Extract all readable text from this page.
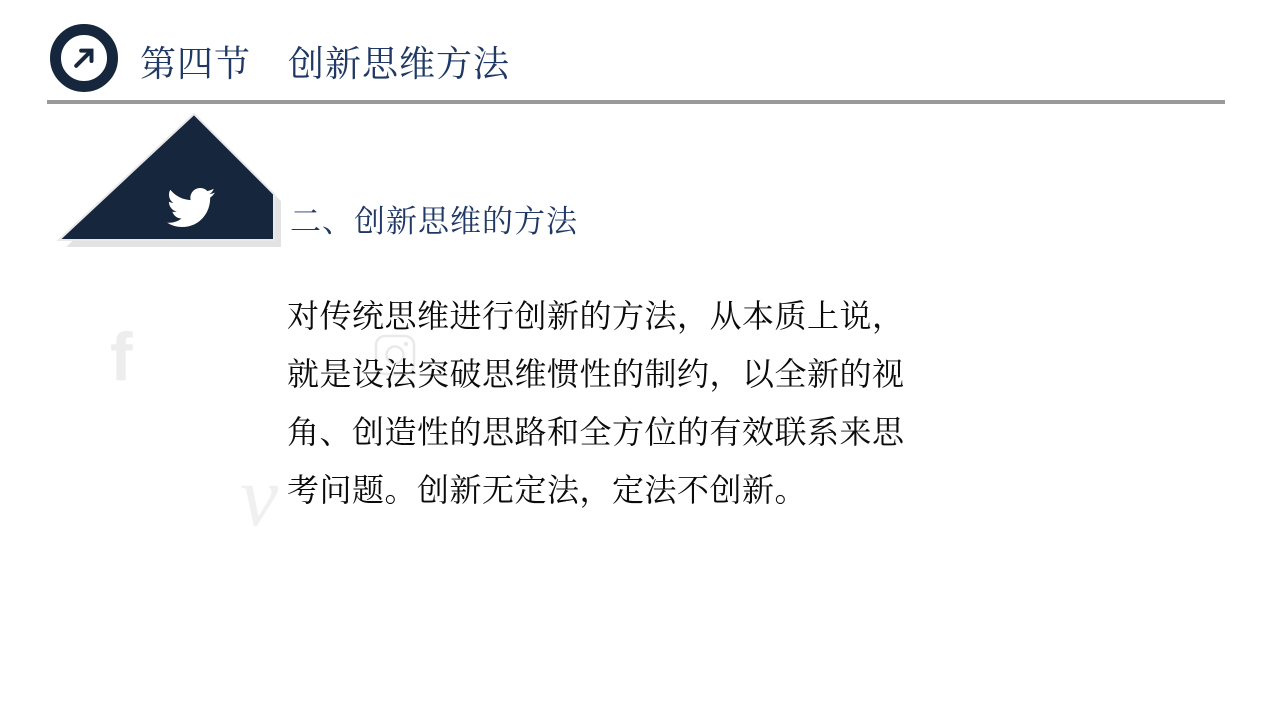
第四节　创新思维方法
f
v
二、创新思维的方法

对传统思维进行创新的方法，从本质上说，

就是设法突破思维惯性的制约，以全新的视

角、创造性的思路和全方位的有效联系来思

考问题。创新无定法，定法不创新。
